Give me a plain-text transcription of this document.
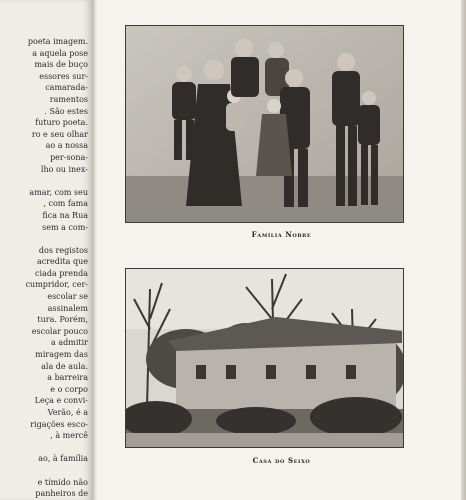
poeta imagem.
a aquela pose
mais de buço
essores sur-
camarada-
ramentos
. São estes
futuro poeta.
ro e seu olhar
ao a nossa
per-sona-
lho ou inex-
amar, com seu
, com fama
fica na Rua
sem a com-
dos registos
acredita que
ciada prenda
cumpridor, cer-
escolar se
assinalem
tura. Porém,
escolar pouco
a admitir
miragem das
ala de aula.
a barreira
e o corpo
Leça e convi-
Verão, é a
rigações esco-
, à mercê
ao, à família
e tímido não
panheiros de
Família Nobre
Casa do Seixo
